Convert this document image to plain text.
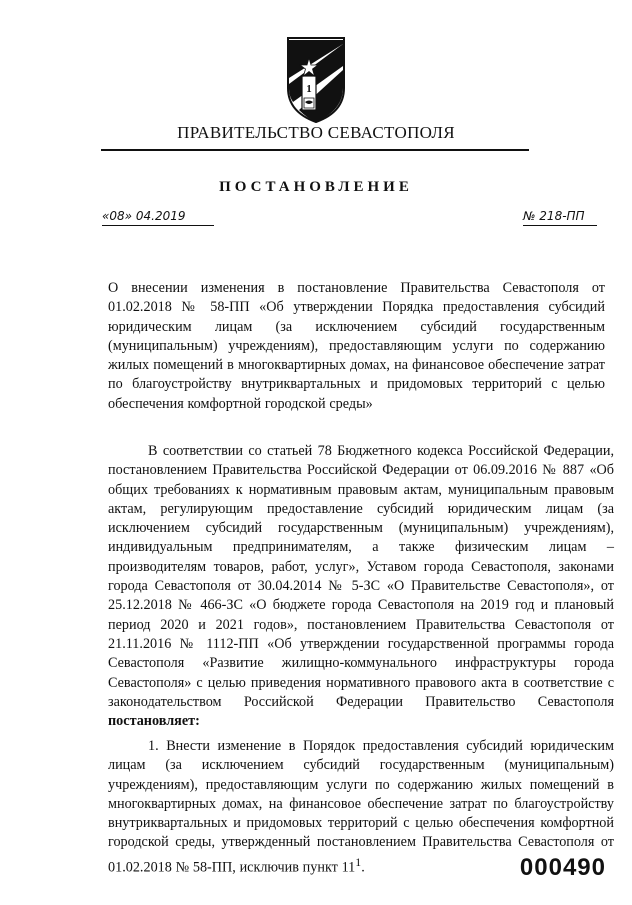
1
ПРАВИТЕЛЬСТВО СЕВАСТОПОЛЯ
ПОСТАНОВЛЕНИЕ
«08» 04.2019	№ 218-ПП

О внесении изменения в постановление Правительства Севастополя от 01.02.2018 № 58-ПП «Об утверждении Порядка предоставления субсидий юридическим лицам (за исключением субсидий государственным (муниципальным) учреждениям), предоставляющим услуги по содержанию жилых помещений в многоквартирных домах, на финансовое обеспечение затрат по благоустройству внутриквартальных и придомовых территорий с целью обеспечения комфортной городской среды»

В соответствии со статьей 78 Бюджетного кодекса Российской Федерации, постановлением Правительства Российской Федерации от 06.09.2016 № 887 «Об общих требованиях к нормативным правовым актам, муниципальным правовым актам, регулирующим предоставление субсидий юридическим лицам (за исключением субсидий государственным (муниципальным) учреждениям), индивидуальным предпринимателям, а также физическим лицам – производителям товаров, работ, услуг», Уставом города Севастополя, законами города Севастополя от 30.04.2014 № 5-ЗС «О Правительстве Севастополя», от 25.12.2018 № 466-ЗС «О бюджете города Севастополя на 2019 год и плановый период 2020 и 2021 годов», постановлением Правительства Севастополя от 21.11.2016 № 1112-ПП «Об утверждении государственной программы города Севастополя «Развитие жилищно-коммунального инфраструктуры города Севастополя» с целью приведения нормативного правового акта в соответствие с законодательством Российской Федерации Правительство Севастополя постановляет:

1. Внести изменение в Порядок предоставления субсидий юридическим лицам (за исключением субсидий государственным (муниципальным) учреждениям), предоставляющим услуги по содержанию жилых помещений в многоквартирных домах, на финансовое обеспечение затрат по благоустройству внутриквартальных и придомовых территорий с целью обеспечения комфортной городской среды, утвержденный постановлением Правительства Севастополя от 01.02.2018 № 58-ПП, исключив пункт $11^1$.	000490
